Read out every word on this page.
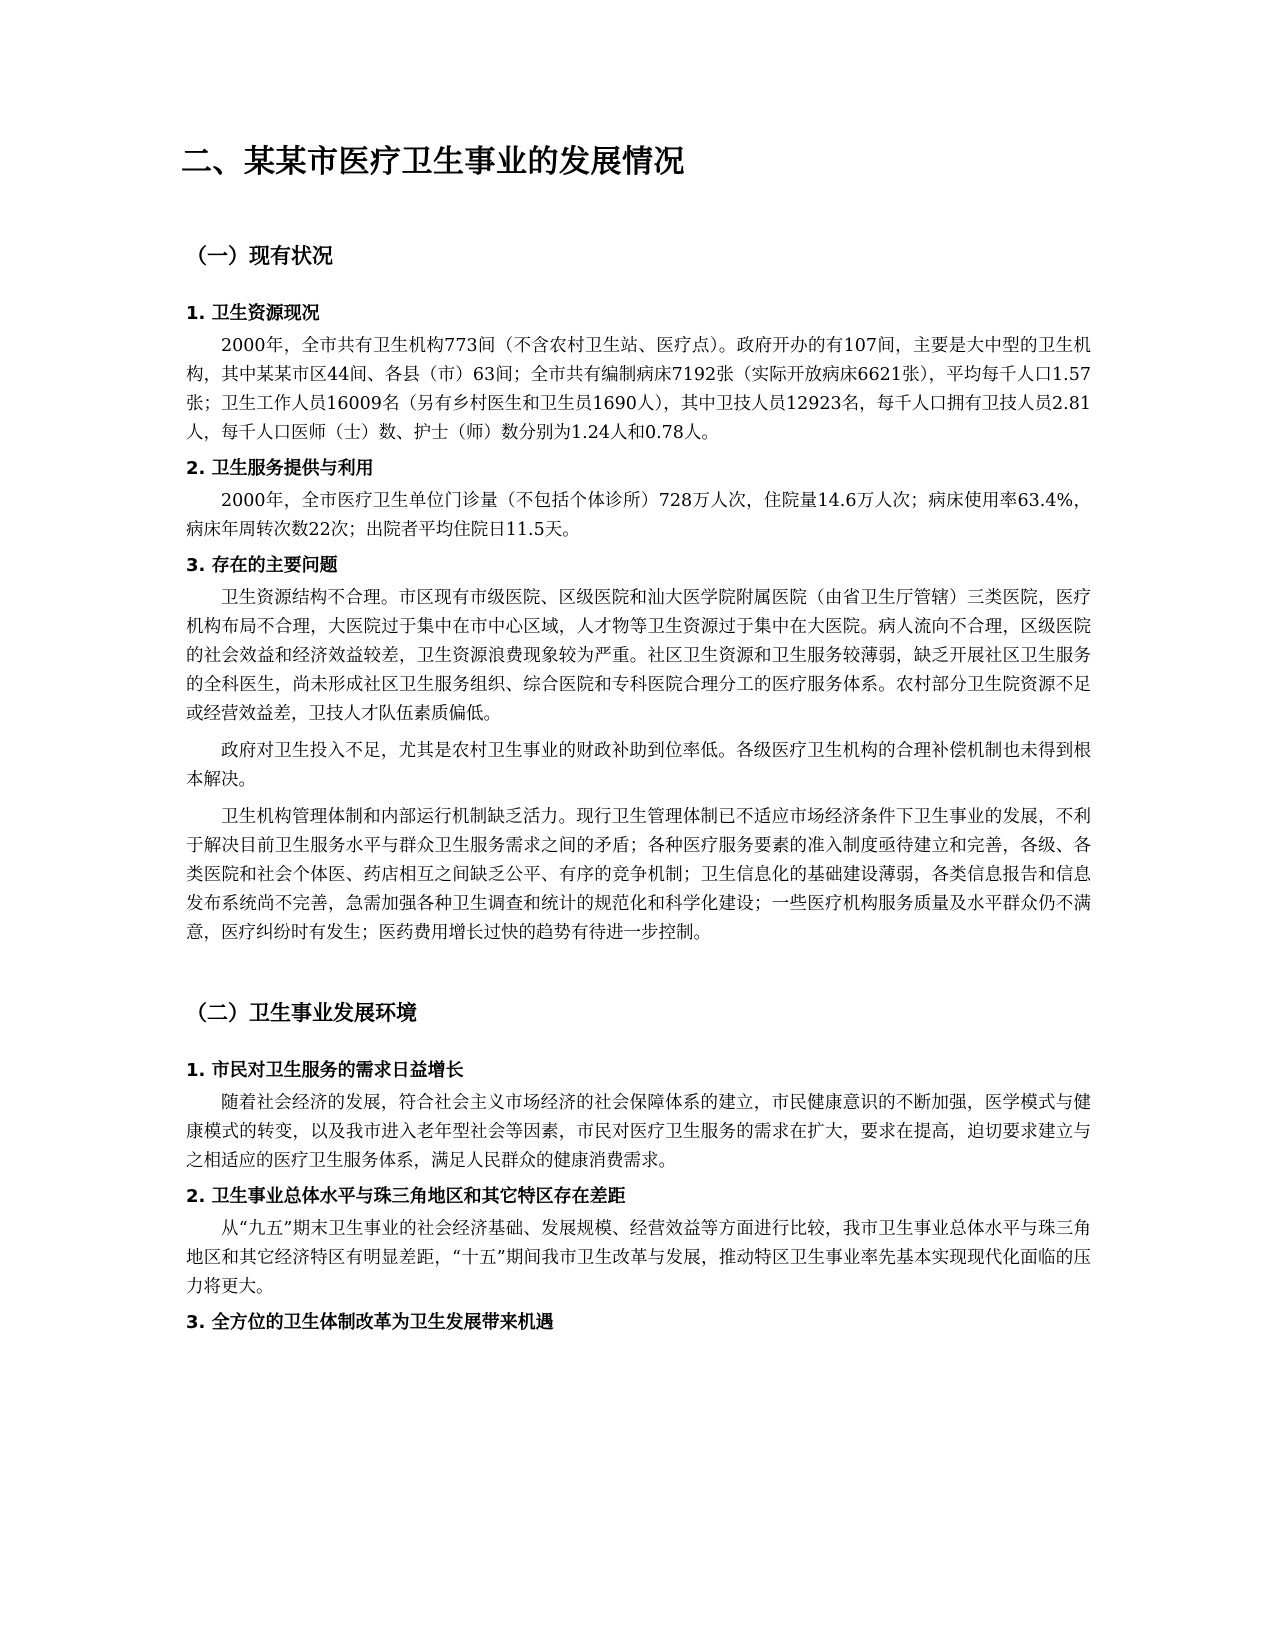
二、某某市医疗卫生事业的发展情况
（一）现有状况
1. 卫生资源现况
2000年，全市共有卫生机构773间（不含农村卫生站、医疗点）。政府开办的有107间，主要是大中型的卫生机构，其中某某市区44间、各县（市）63间；全市共有编制病床7192张（实际开放病床6621张），平均每千人口1.57张；卫生工作人员16009名（另有乡村医生和卫生员1690人），其中卫技人员12923名，每千人口拥有卫技人员2.81人，每千人口医师（士）数、护士（师）数分别为1.24人和0.78人。
2. 卫生服务提供与利用
2000年，全市医疗卫生单位门诊量（不包括个体诊所）728万人次，住院量14.6万人次；病床使用率63.4%，病床年周转次数22次；出院者平均住院日11.5天。
3. 存在的主要问题
卫生资源结构不合理。市区现有市级医院、区级医院和汕大医学院附属医院（由省卫生厅管辖）三类医院，医疗机构布局不合理，大医院过于集中在市中心区域，人才物等卫生资源过于集中在大医院。病人流向不合理，区级医院的社会效益和经济效益较差，卫生资源浪费现象较为严重。社区卫生资源和卫生服务较薄弱，缺乏开展社区卫生服务的全科医生，尚未形成社区卫生服务组织、综合医院和专科医院合理分工的医疗服务体系。农村部分卫生院资源不足或经营效益差，卫技人才队伍素质偏低。
政府对卫生投入不足，尤其是农村卫生事业的财政补助到位率低。各级医疗卫生机构的合理补偿机制也未得到根本解决。
卫生机构管理体制和内部运行机制缺乏活力。现行卫生管理体制已不适应市场经济条件下卫生事业的发展，不利于解决目前卫生服务水平与群众卫生服务需求之间的矛盾；各种医疗服务要素的准入制度亟待建立和完善，各级、各类医院和社会个体医、药店相互之间缺乏公平、有序的竞争机制；卫生信息化的基础建设薄弱，各类信息报告和信息发布系统尚不完善，急需加强各种卫生调查和统计的规范化和科学化建设；一些医疗机构服务质量及水平群众仍不满意，医疗纠纷时有发生；医药费用增长过快的趋势有待进一步控制。
（二）卫生事业发展环境
1. 市民对卫生服务的需求日益增长
随着社会经济的发展，符合社会主义市场经济的社会保障体系的建立，市民健康意识的不断加强，医学模式与健康模式的转变，以及我市进入老年型社会等因素，市民对医疗卫生服务的需求在扩大，要求在提高，迫切要求建立与之相适应的医疗卫生服务体系，满足人民群众的健康消费需求。
2. 卫生事业总体水平与珠三角地区和其它特区存在差距
从“九五”期末卫生事业的社会经济基础、发展规模、经营效益等方面进行比较，我市卫生事业总体水平与珠三角地区和其它经济特区有明显差距，“十五”期间我市卫生改革与发展，推动特区卫生事业率先基本实现现代化面临的压力将更大。
3. 全方位的卫生体制改革为卫生发展带来机遇
